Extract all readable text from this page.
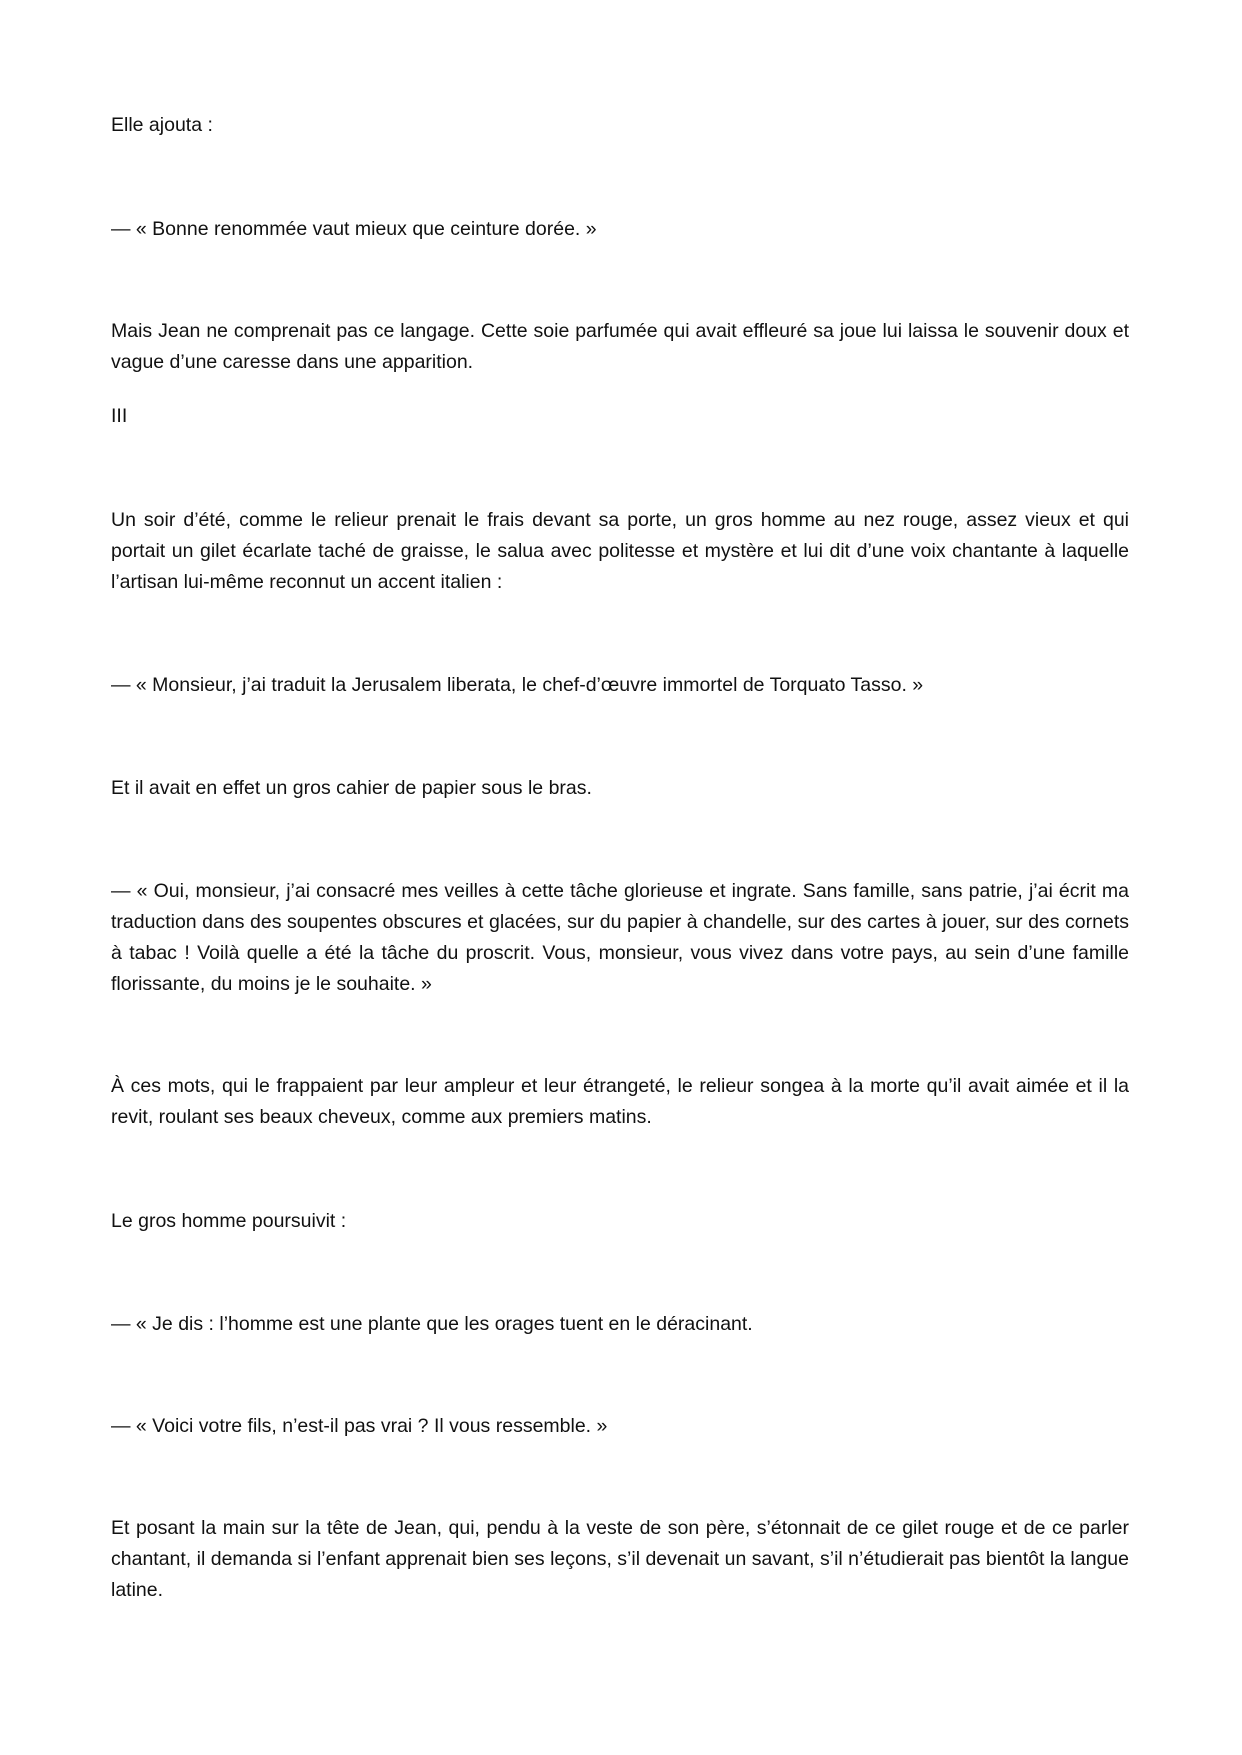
Elle ajouta :

— « Bonne renommée vaut mieux que ceinture dorée. »

Mais Jean ne comprenait pas ce langage. Cette soie parfumée qui avait effleuré sa joue lui laissa le souvenir doux et vague d’une caresse dans une apparition.

III

Un soir d’été, comme le relieur prenait le frais devant sa porte, un gros homme au nez rouge, assez vieux et qui portait un gilet écarlate taché de graisse, le salua avec politesse et mystère et lui dit d’une voix chantante à laquelle l’artisan lui-même reconnut un accent italien :

— « Monsieur, j’ai traduit la Jerusalem liberata, le chef-d’œuvre immortel de Torquato Tasso. »

Et il avait en effet un gros cahier de papier sous le bras.

— « Oui, monsieur, j’ai consacré mes veilles à cette tâche glorieuse et ingrate. Sans famille, sans patrie, j’ai écrit ma traduction dans des soupentes obscures et glacées, sur du papier à chandelle, sur des cartes à jouer, sur des cornets à tabac ! Voilà quelle a été la tâche du proscrit. Vous, monsieur, vous vivez dans votre pays, au sein d’une famille florissante, du moins je le souhaite. »

À ces mots, qui le frappaient par leur ampleur et leur étrangeté, le relieur songea à la morte qu’il avait aimée et il la revit, roulant ses beaux cheveux, comme aux premiers matins.

Le gros homme poursuivit :

— « Je dis : l’homme est une plante que les orages tuent en le déracinant.

— « Voici votre fils, n’est-il pas vrai ? Il vous ressemble. »

Et posant la main sur la tête de Jean, qui, pendu à la veste de son père, s’étonnait de ce gilet rouge et de ce parler chantant, il demanda si l’enfant apprenait bien ses leçons, s’il devenait un savant, s’il n’étudierait pas bientôt la langue latine.
